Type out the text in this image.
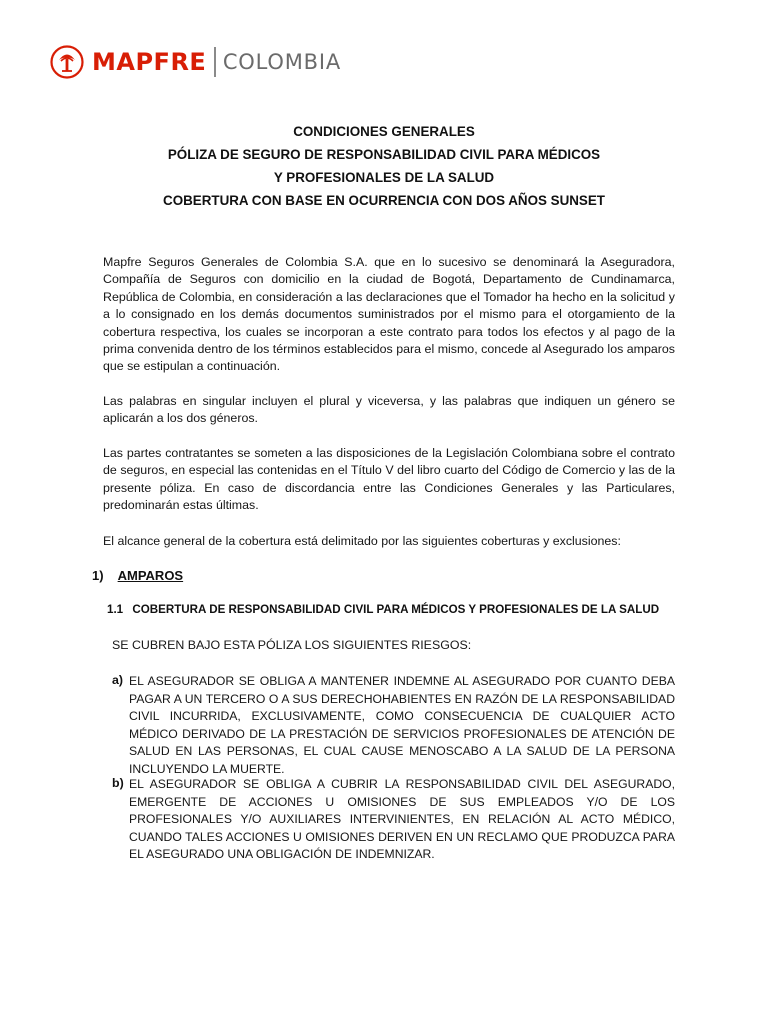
MAPFRE COLOMBIA
CONDICIONES GENERALES
PÓLIZA DE SEGURO DE RESPONSABILIDAD CIVIL PARA MÉDICOS
Y PROFESIONALES DE LA SALUD
COBERTURA CON BASE EN OCURRENCIA CON DOS AÑOS SUNSET

Mapfre Seguros Generales de Colombia S.A. que en lo sucesivo se denominará la Aseguradora, Compañía de Seguros con domicilio en la ciudad de Bogotá, Departamento de Cundinamarca, República de Colombia, en consideración a las declaraciones que el Tomador ha hecho en la solicitud y a lo consignado en los demás documentos suministrados por el mismo para el otorgamiento de la cobertura respectiva, los cuales se incorporan a este contrato para todos los efectos y al pago de la prima convenida dentro de los términos establecidos para el mismo, concede al Asegurado los amparos que se estipulan a continuación.

Las palabras en singular incluyen el plural y viceversa, y las palabras que indiquen un género se aplicarán a los dos géneros.

Las partes contratantes se someten a las disposiciones de la Legislación Colombiana sobre el contrato de seguros, en especial las contenidas en el Título V del libro cuarto del Código de Comercio y las de la presente póliza. En caso de discordancia entre las Condiciones Generales y las Particulares, predominarán estas últimas.

El alcance general de la cobertura está delimitado por las siguientes coberturas y exclusiones:

1) AMPAROS
1.1 COBERTURA DE RESPONSABILIDAD CIVIL PARA MÉDICOS Y PROFESIONALES DE LA SALUD
SE CUBREN BAJO ESTA PÓLIZA LOS SIGUIENTES RIESGOS:
a) EL ASEGURADOR SE OBLIGA A MANTENER INDEMNE AL ASEGURADO POR CUANTO DEBA PAGAR A UN TERCERO O A SUS DERECHOHABIENTES EN RAZÓN DE LA RESPONSABILIDAD CIVIL INCURRIDA, EXCLUSIVAMENTE, COMO CONSECUENCIA DE CUALQUIER ACTO MÉDICO DERIVADO DE LA PRESTACIÓN DE SERVICIOS PROFESIONALES DE ATENCIÓN DE SALUD EN LAS PERSONAS, EL CUAL CAUSE MENOSCABO A LA SALUD DE LA PERSONA INCLUYENDO LA MUERTE.

b) EL ASEGURADOR SE OBLIGA A CUBRIR LA RESPONSABILIDAD CIVIL DEL ASEGURADO, EMERGENTE DE ACCIONES U OMISIONES DE SUS EMPLEADOS Y/O DE LOS PROFESIONALES Y/O AUXILIARES INTERVINIENTES, EN RELACIÓN AL ACTO MÉDICO, CUANDO TALES ACCIONES U OMISIONES DERIVEN EN UN RECLAMO QUE PRODUZCA PARA EL ASEGURADO UNA OBLIGACIÓN DE INDEMNIZAR.
